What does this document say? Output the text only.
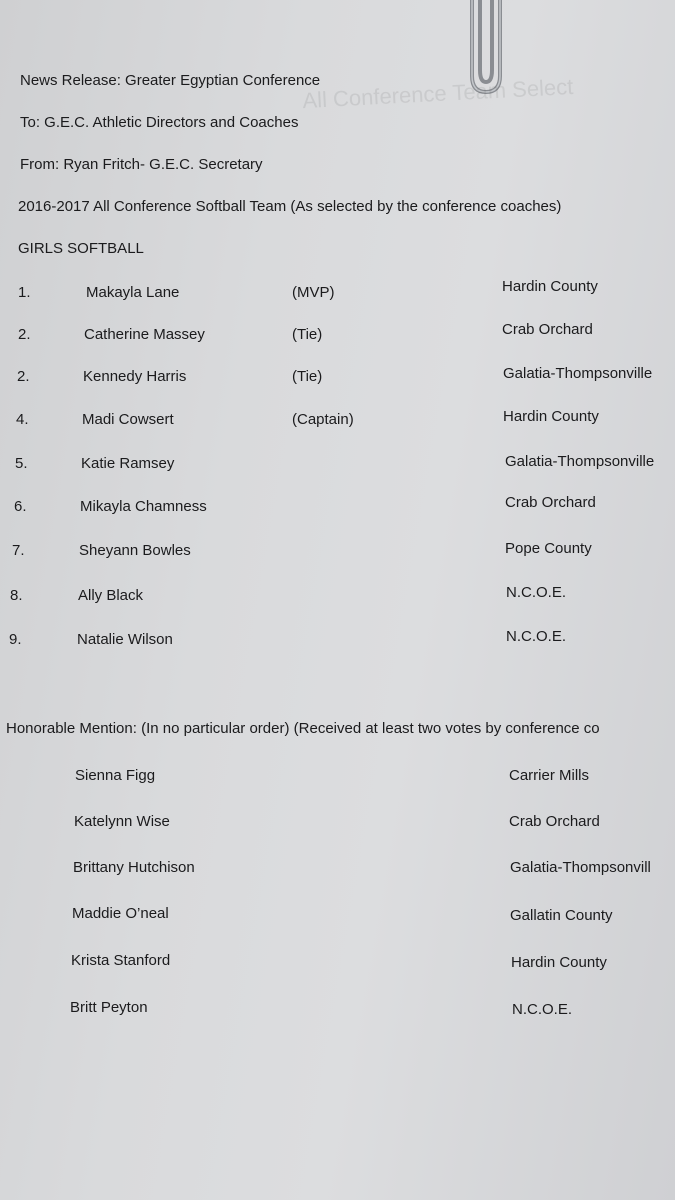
All Conference Team Select
News Release: Greater Egyptian Conference
To: G.E.C. Athletic Directors and Coaches
From: Ryan Fritch- G.E.C. Secretary
2016-2017 All Conference Softball Team (As selected by the conference coaches)
GIRLS SOFTBALL
1.	Makayla Lane	(MVP)	Hardin County
2.	Catherine Massey	(Tie)	Crab Orchard
2.	Kennedy Harris	(Tie)	Galatia-Thompsonville
4.	Madi Cowsert	(Captain)	Hardin County
5.	Katie Ramsey	Galatia-Thompsonville
6.	Mikayla Chamness	Crab Orchard
7.	Sheyann Bowles	Pope County
8.	Ally Black	N.C.O.E.
9.	Natalie Wilson	N.C.O.E.
Honorable Mention: (In no particular order) (Received at least two votes by conference co
Sienna Figg	Carrier Mills
Katelynn Wise	Crab Orchard
Brittany Hutchison	Galatia-Thompsonvill
Maddie O’neal	Gallatin County
Krista Stanford	Hardin County
Britt Peyton	N.C.O.E.
